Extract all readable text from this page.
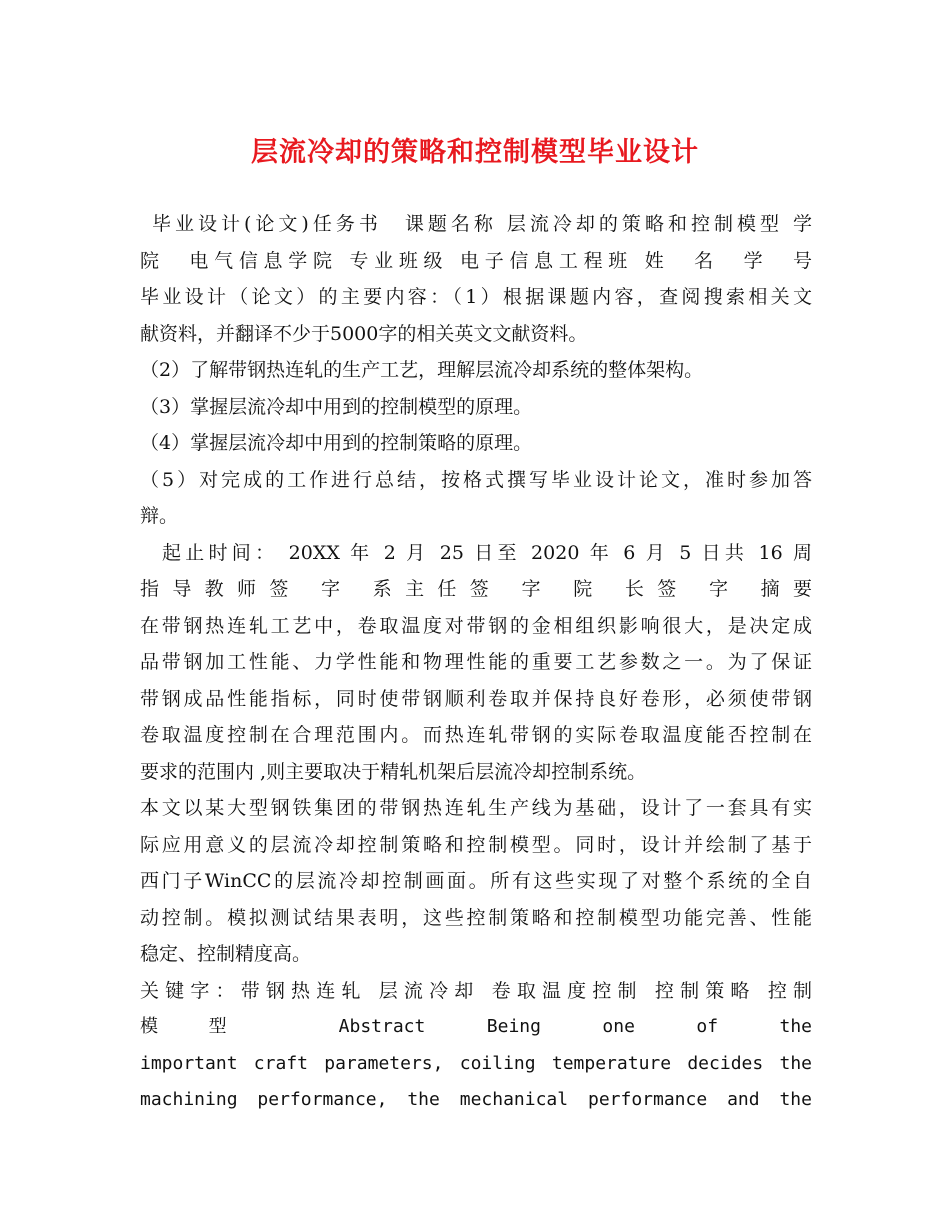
层流冷却的策略和控制模型毕业设计
毕业设计(论文)任务书　课题名称 层流冷却的策略和控制模型 学
院　电气信息学院 专业班级 电子信息工程班 姓　名　学　号
毕业设计（论文）的主要内容：（1）根据课题内容，查阅搜索相关文
献资料，并翻译不少于5000字的相关英文文献资料。
（2）了解带钢热连轧的生产工艺，理解层流冷却系统的整体架构。
（3）掌握层流冷却中用到的控制模型的原理。
（4）掌握层流冷却中用到的控制策略的原理。
（5）对完成的工作进行总结，按格式撰写毕业设计论文，准时参加答
辩。
起止时间： 20XX 年 2 月 25 日至 2020 年 6 月 5 日共 16 周
指导教师签 字 系主任签 字 院 长签 字 摘要
在带钢热连轧工艺中，卷取温度对带钢的金相组织影响很大，是决定成
品带钢加工性能、力学性能和物理性能的重要工艺参数之一。为了保证
带钢成品性能指标，同时使带钢顺利卷取并保持良好卷形，必须使带钢
卷取温度控制在合理范围内。而热连轧带钢的实际卷取温度能否控制在
要求的范围内 ,则主要取决于精轧机架后层流冷却控制系统。
本文以某大型钢铁集团的带钢热连轧生产线为基础，设计了一套具有实
际应用意义的层流冷却控制策略和控制模型。同时，设计并绘制了基于
西门子WinCC的层流冷却控制画面。所有这些实现了对整个系统的全自
动控制。模拟测试结果表明，这些控制策略和控制模型功能完善、性能
稳定、控制精度高。
关键字：带钢热连轧 层流冷却 卷取温度控制 控制策略 控制
模型 Abstract Being one of the
important craft parameters, coiling temperature decides the
machining performance, the mechanical performance and the
